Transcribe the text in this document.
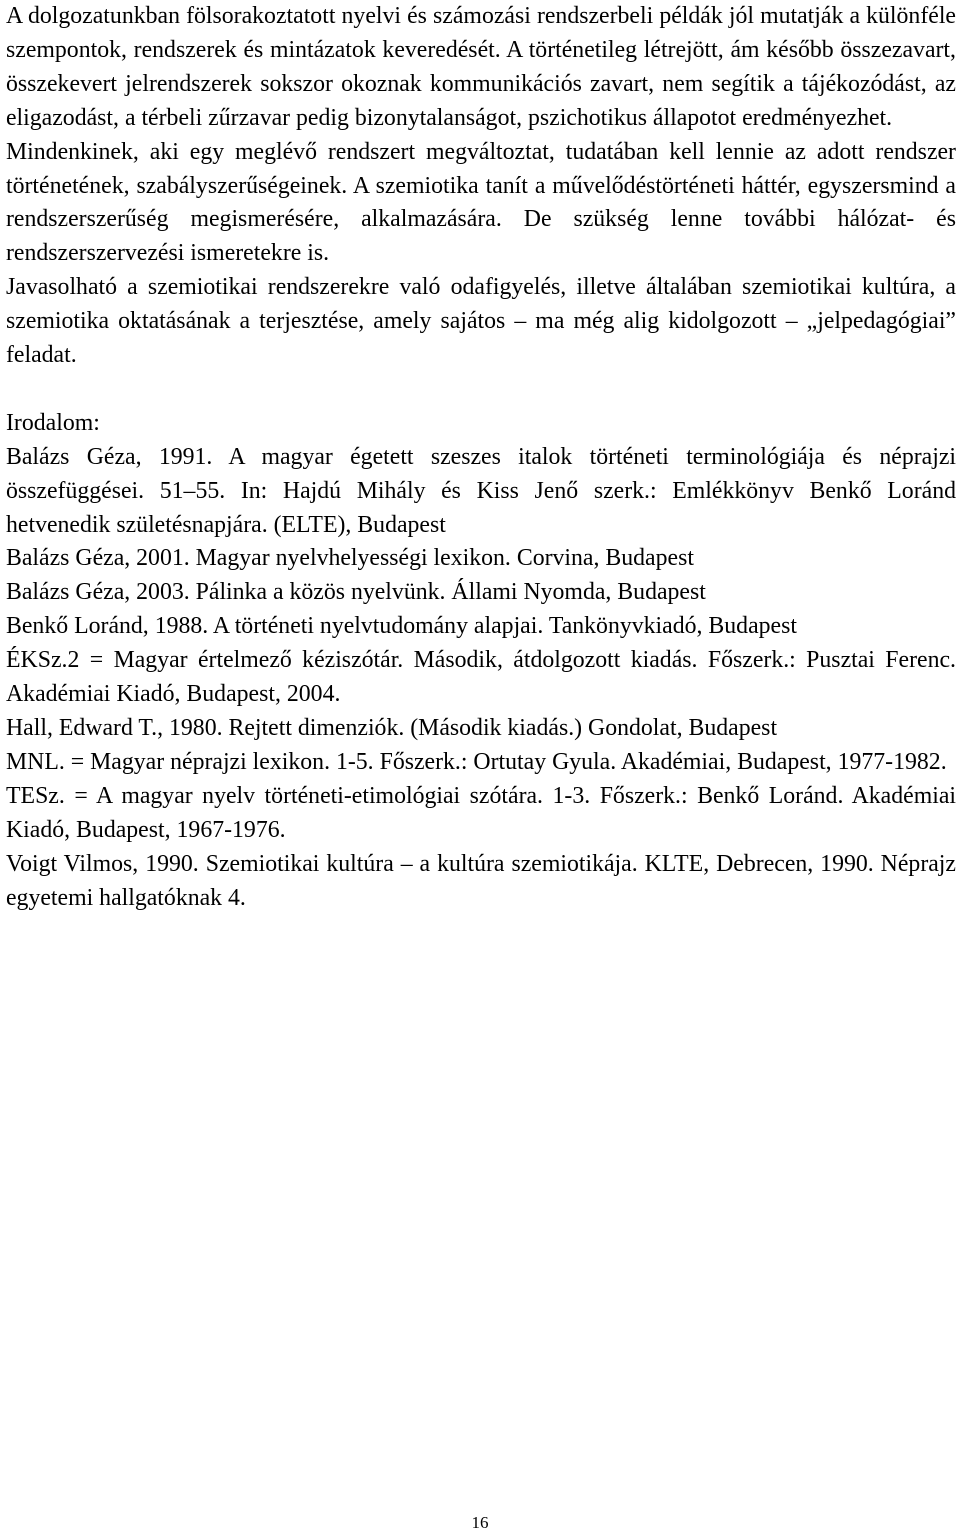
A dolgozatunkban fölsorakoztatott nyelvi és számozási rendszerbeli példák jól mutatják a különféle szempontok, rendszerek és mintázatok keveredését. A történetileg létrejött, ám később összezavart, összekevert jelrendszerek sokszor okoznak kommunikációs zavart, nem segítik a tájékozódást, az eligazodást, a térbeli zűrzavar pedig bizonytalanságot, pszichotikus állapotot eredményezhet.

Mindenkinek, aki egy meglévő rendszert megváltoztat, tudatában kell lennie az adott rendszer történetének, szabályszerűségeinek. A szemiotika tanít a művelődéstörténeti háttér, egyszersmind a rendszerszerűség megismerésére, alkalmazására. De szükség lenne további hálózat- és rendszerszervezési ismeretekre is.

Javasolható a szemiotikai rendszerekre való odafigyelés, illetve általában szemiotikai kultúra, a szemiotika oktatásának a terjesztése, amely sajátos – ma még alig kidolgozott – „jelpedagógiai” feladat.

Irodalom:

Balázs Géza, 1991. A magyar égetett szeszes italok történeti terminológiája és néprajzi összefüggései. 51–55. In: Hajdú Mihály és Kiss Jenő szerk.: Emlékkönyv Benkő Loránd hetvenedik születésnapjára. (ELTE), Budapest

Balázs Géza, 2001. Magyar nyelvhelyességi lexikon. Corvina, Budapest

Balázs Géza, 2003. Pálinka a közös nyelvünk. Állami Nyomda, Budapest

Benkő Loránd, 1988. A történeti nyelvtudomány alapjai. Tankönyvkiadó, Budapest

ÉKSz.2 = Magyar értelmező kéziszótár. Második, átdolgozott kiadás. Főszerk.: Pusztai Ferenc. Akadémiai Kiadó, Budapest, 2004.

Hall, Edward T., 1980. Rejtett dimenziók. (Második kiadás.) Gondolat, Budapest

MNL. = Magyar néprajzi lexikon. 1-5. Főszerk.: Ortutay Gyula. Akadémiai, Budapest, 1977-1982.

TESz. = A magyar nyelv történeti-etimológiai szótára. 1-3. Főszerk.: Benkő Loránd. Akadémiai Kiadó, Budapest, 1967-1976.

Voigt Vilmos, 1990. Szemiotikai kultúra – a kultúra szemiotikája. KLTE, Debrecen, 1990. Néprajz egyetemi hallgatóknak 4.

16
